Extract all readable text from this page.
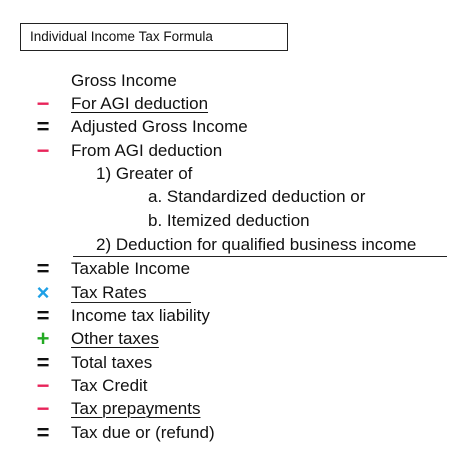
Individual Income Tax Formula
Gross Income
− For AGI deduction
= Adjusted Gross Income
− From AGI deduction
1) Greater of
a. Standardized deduction or
b. Itemized deduction
2) Deduction for qualified business income
= Taxable Income
× Tax Rates
= Income tax liability
+ Other taxes
= Total taxes
− Tax Credit
− Tax prepayments
= Tax due or (refund)
